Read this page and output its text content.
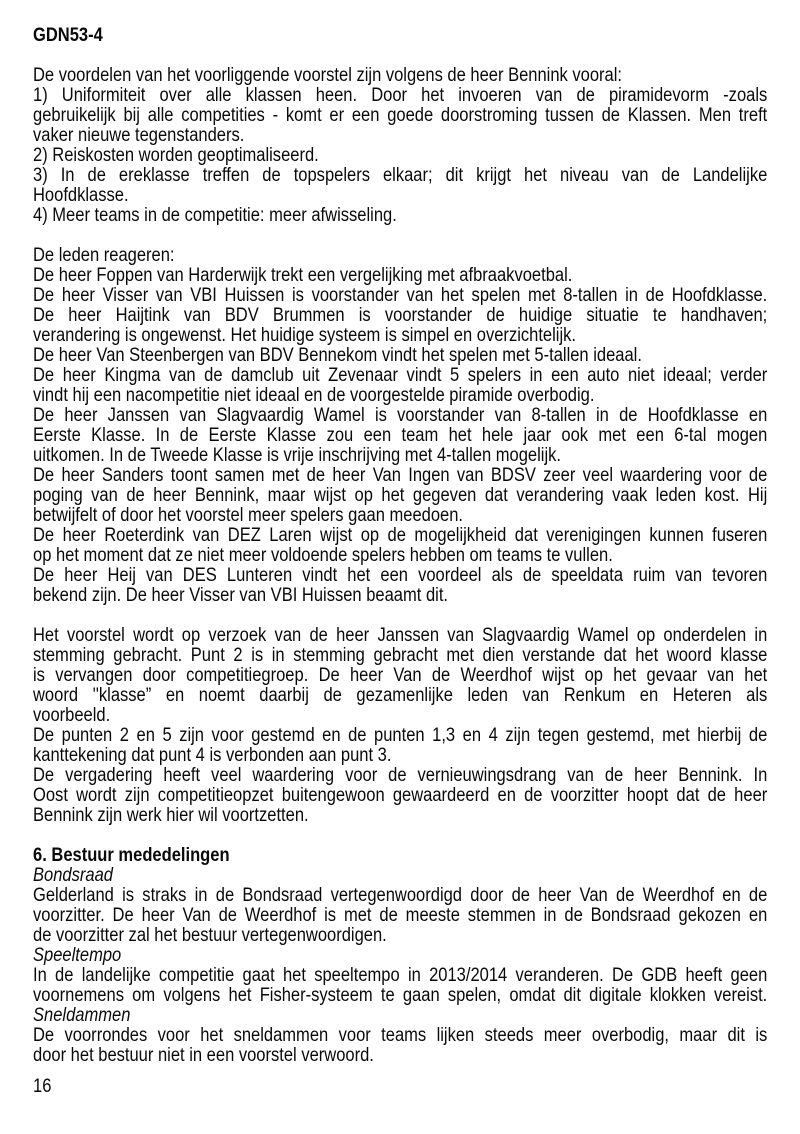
GDN53-4
De voordelen van het voorliggende voorstel zijn volgens de heer Bennink vooral:
1) Uniformiteit over alle klassen heen. Door het invoeren van de piramidevorm -zoals
gebruikelijk bij alle competities - komt er een goede doorstroming tussen de Klassen. Men treft
vaker nieuwe tegenstanders.
2) Reiskosten worden geoptimaliseerd.
3) In de ereklasse treffen de topspelers elkaar; dit krijgt het niveau van de Landelijke
Hoofdklasse.
4) Meer teams in de competitie: meer afwisseling.
De leden reageren:
De heer Foppen van Harderwijk trekt een vergelijking met afbraakvoetbal.
De heer Visser van VBI Huissen is voorstander van het spelen met 8-tallen in de Hoofdklasse.
De heer Haijtink van BDV Brummen is voorstander de huidige situatie te handhaven;
verandering is ongewenst. Het huidige systeem is simpel en overzichtelijk.
De heer Van Steenbergen van BDV Bennekom vindt het spelen met 5-tallen ideaal.
De heer Kingma van de damclub uit Zevenaar vindt 5 spelers in een auto niet ideaal; verder
vindt hij een nacompetitie niet ideaal en de voorgestelde piramide overbodig.
De heer Janssen van Slagvaardig Wamel is voorstander van 8-tallen in de Hoofdklasse en
Eerste Klasse. In de Eerste Klasse zou een team het hele jaar ook met een 6-tal mogen
uitkomen. In de Tweede Klasse is vrije inschrijving met 4-tallen mogelijk.
De heer Sanders toont samen met de heer Van Ingen van BDSV zeer veel waardering voor de
poging van de heer Bennink, maar wijst op het gegeven dat verandering vaak leden kost. Hij
betwijfelt of door het voorstel meer spelers gaan meedoen.
De heer Roeterdink van DEZ Laren wijst op de mogelijkheid dat verenigingen kunnen fuseren
op het moment dat ze niet meer voldoende spelers hebben om teams te vullen.
De heer Heij van DES Lunteren vindt het een voordeel als de speeldata ruim van tevoren
bekend zijn. De heer Visser van VBI Huissen beaamt dit.
Het voorstel wordt op verzoek van de heer Janssen van Slagvaardig Wamel op onderdelen in
stemming gebracht. Punt 2 is in stemming gebracht met dien verstande dat het woord klasse
is vervangen door competitiegroep. De heer Van de Weerdhof wijst op het gevaar van het
woord ''klasse” en noemt daarbij de gezamenlijke leden van Renkum en Heteren als
voorbeeld.
De punten 2 en 5 zijn voor gestemd en de punten 1,3 en 4 zijn tegen gestemd, met hierbij de
kanttekening dat punt 4 is verbonden aan punt 3.
De vergadering heeft veel waardering voor de vernieuwingsdrang van de heer Bennink. In
Oost wordt zijn competitieopzet buitengewoon gewaardeerd en de voorzitter hoopt dat de heer
Bennink zijn werk hier wil voortzetten.
6. Bestuur mededelingen
Bondsraad
Gelderland is straks in de Bondsraad vertegenwoordigd door de heer Van de Weerdhof en de
voorzitter. De heer Van de Weerdhof is met de meeste stemmen in de Bondsraad gekozen en
de voorzitter zal het bestuur vertegenwoordigen.
Speeltempo
In de landelijke competitie gaat het speeltempo in 2013/2014 veranderen. De GDB heeft geen
voornemens om volgens het Fisher-systeem te gaan spelen, omdat dit digitale klokken vereist.
Sneldammen
De voorrondes voor het sneldammen voor teams lijken steeds meer overbodig, maar dit is
door het bestuur niet in een voorstel verwoord.
16
